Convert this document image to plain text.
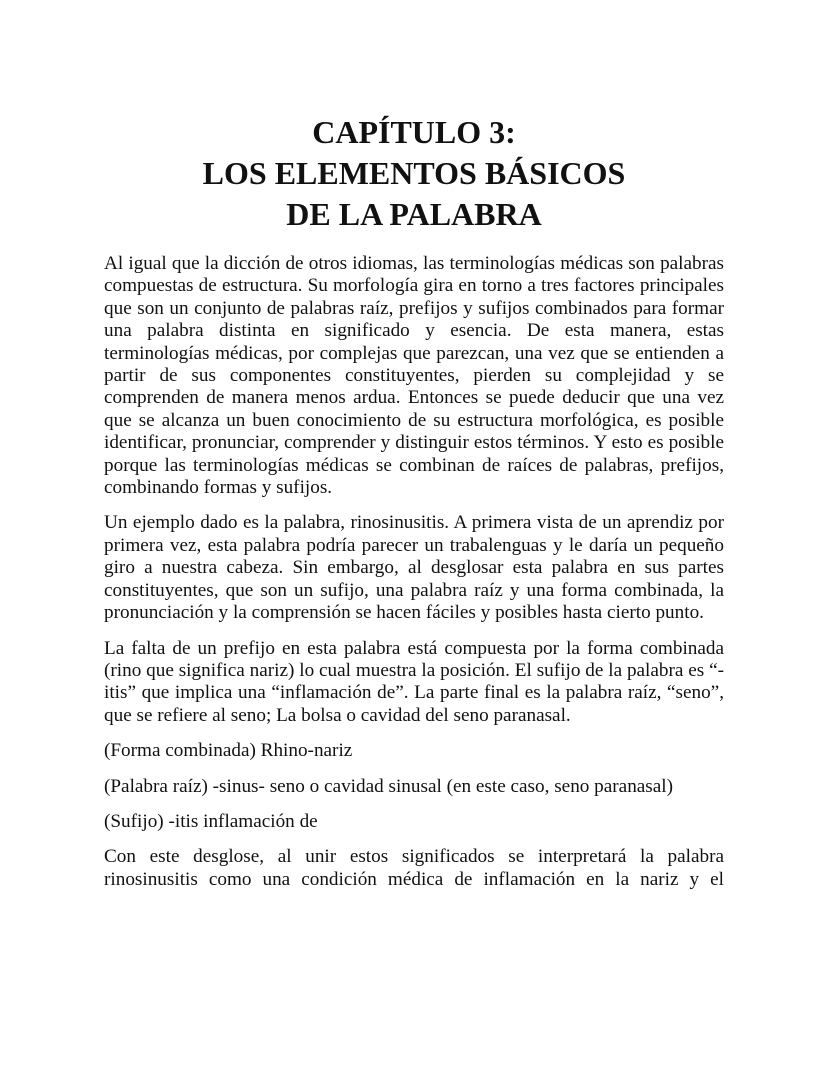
CAPÍTULO 3:
LOS ELEMENTOS BÁSICOS
DE LA PALABRA

Al igual que la dicción de otros idiomas, las terminologías médicas son palabras compuestas de estructura. Su morfología gira en torno a tres factores principales que son un conjunto de palabras raíz, prefijos y sufijos combinados para formar una palabra distinta en significado y esencia. De esta manera, estas terminologías médicas, por complejas que parezcan, una vez que se entienden a partir de sus componentes constituyentes, pierden su complejidad y se comprenden de manera menos ardua. Entonces se puede deducir que una vez que se alcanza un buen conocimiento de su estructura morfológica, es posible identificar, pronunciar, comprender y distinguir estos términos. Y esto es posible porque las terminologías médicas se combinan de raíces de palabras, prefijos, combinando formas y sufijos.

Un ejemplo dado es la palabra, rinosinusitis. A primera vista de un aprendiz por primera vez, esta palabra podría parecer un trabalenguas y le daría un pequeño giro a nuestra cabeza. Sin embargo, al desglosar esta palabra en sus partes constituyentes, que son un sufijo, una palabra raíz y una forma combinada, la pronunciación y la comprensión se hacen fáciles y posibles hasta cierto punto.

La falta de un prefijo en esta palabra está compuesta por la forma combinada (rino que significa nariz) lo cual muestra la posición. El sufijo de la palabra es “-itis” que implica una “inflamación de”. La parte final es la palabra raíz, “seno”, que se refiere al seno; La bolsa o cavidad del seno paranasal.

(Forma combinada) Rhino-nariz

(Palabra raíz) -sinus- seno o cavidad sinusal (en este caso, seno paranasal)

(Sufijo) -itis inflamación de

Con este desglose, al unir estos significados se interpretará la palabra rinosinusitis como una condición médica de inflamación en la nariz y el
